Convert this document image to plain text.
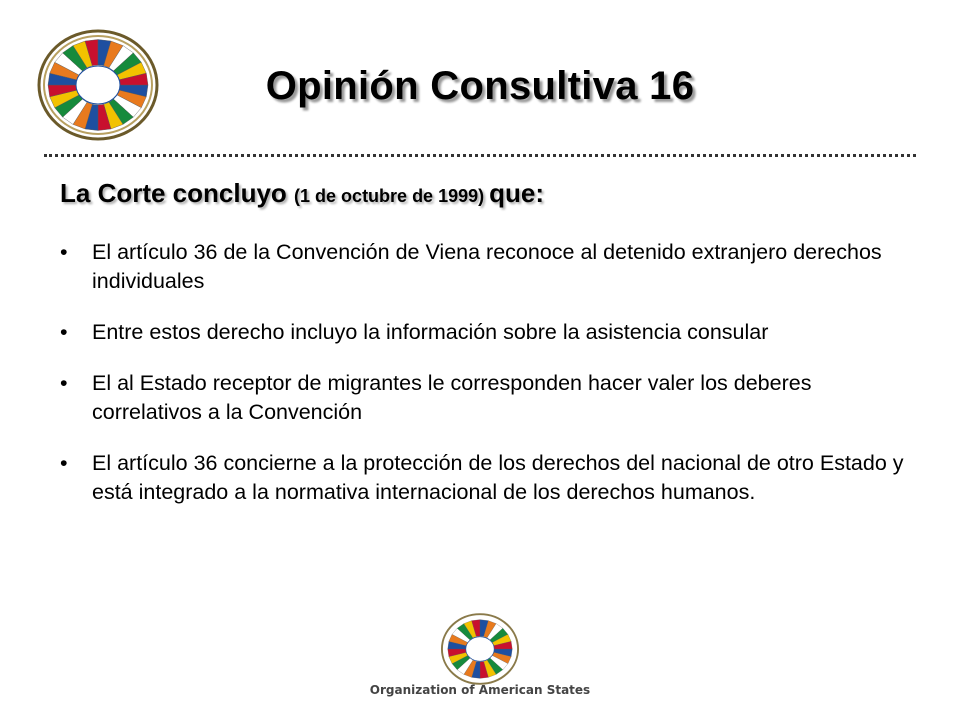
Opinión Consultiva 16
La Corte concluyo (1 de octubre de 1999) que:
• El artículo 36 de la Convención de Viena reconoce al detenido extranjero derechos individuales
• Entre estos derecho incluyo la información sobre la asistencia consular
• El al Estado receptor de migrantes le corresponden hacer valer los deberes correlativos a la Convención
• El artículo 36 concierne a la protección de los derechos del nacional de otro Estado y está integrado a la normativa internacional de los derechos humanos.
Organization of American States
